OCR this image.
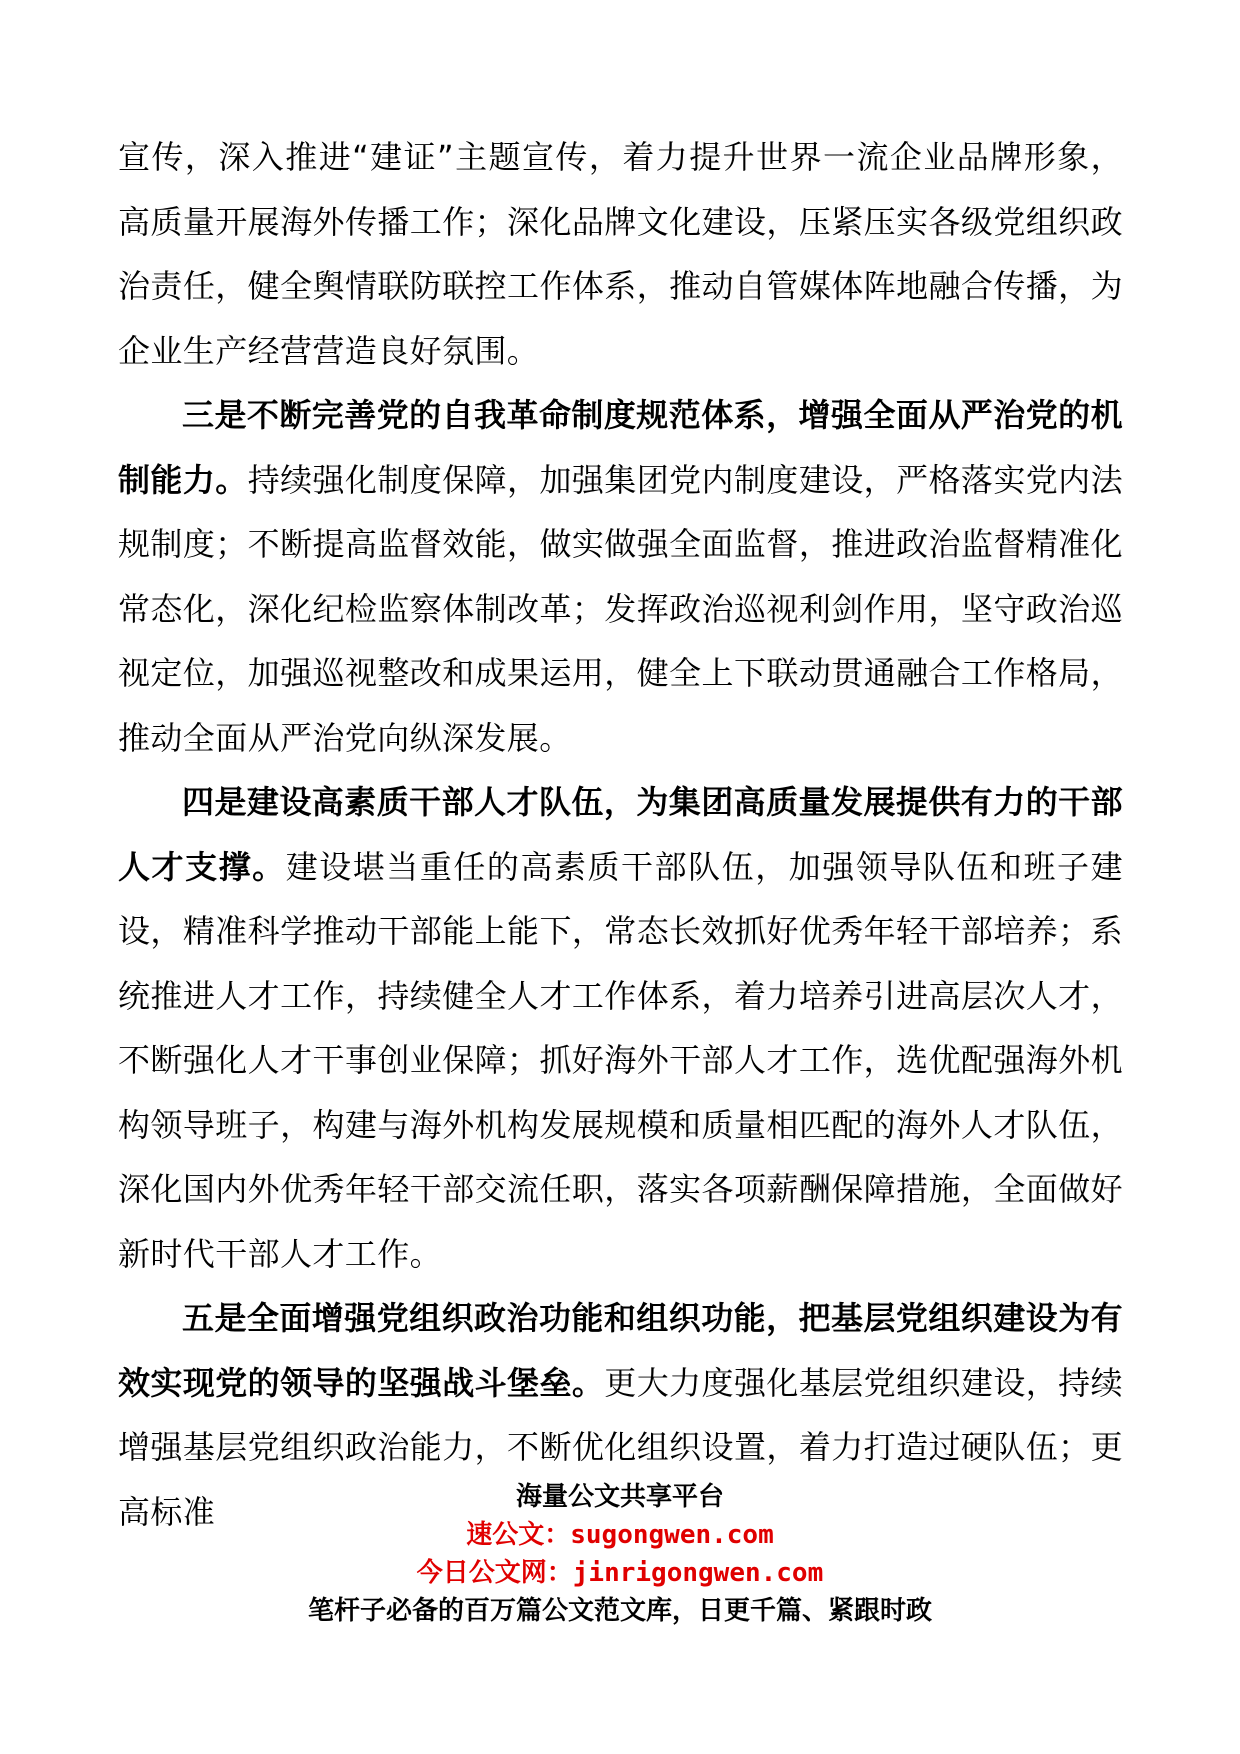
宣传，深入推进“建证”主题宣传，着力提升世界一流企业品牌形象，高质量开展海外传播工作；深化品牌文化建设，压紧压实各级党组织政治责任，健全舆情联防联控工作体系，推动自管媒体阵地融合传播，为企业生产经营营造良好氛围。

三是不断完善党的自我革命制度规范体系，增强全面从严治党的机制能力。持续强化制度保障，加强集团党内制度建设，严格落实党内法规制度；不断提高监督效能，做实做强全面监督，推进政治监督精准化常态化，深化纪检监察体制改革；发挥政治巡视利剑作用，坚守政治巡视定位，加强巡视整改和成果运用，健全上下联动贯通融合工作格局，推动全面从严治党向纵深发展。

四是建设高素质干部人才队伍，为集团高质量发展提供有力的干部人才支撑。建设堪当重任的高素质干部队伍，加强领导队伍和班子建设，精准科学推动干部能上能下，常态长效抓好优秀年轻干部培养；系统推进人才工作，持续健全人才工作体系，着力培养引进高层次人才，不断强化人才干事创业保障；抓好海外干部人才工作，选优配强海外机构领导班子，构建与海外机构发展规模和质量相匹配的海外人才队伍，深化国内外优秀年轻干部交流任职，落实各项薪酬保障措施，全面做好新时代干部人才工作。

五是全面增强党组织政治功能和组织功能，把基层党组织建设为有效实现党的领导的坚强战斗堡垒。更大力度强化基层党组织建设，持续增强基层党组织政治能力，不断优化组织设置，着力打造过硬队伍；更高标准	海量公文共享平台
速公文：sugongwen.com
今日公文网：jinrigongwen.com
笔杆子必备的百万篇公文范文库，日更千篇、紧跟时政
